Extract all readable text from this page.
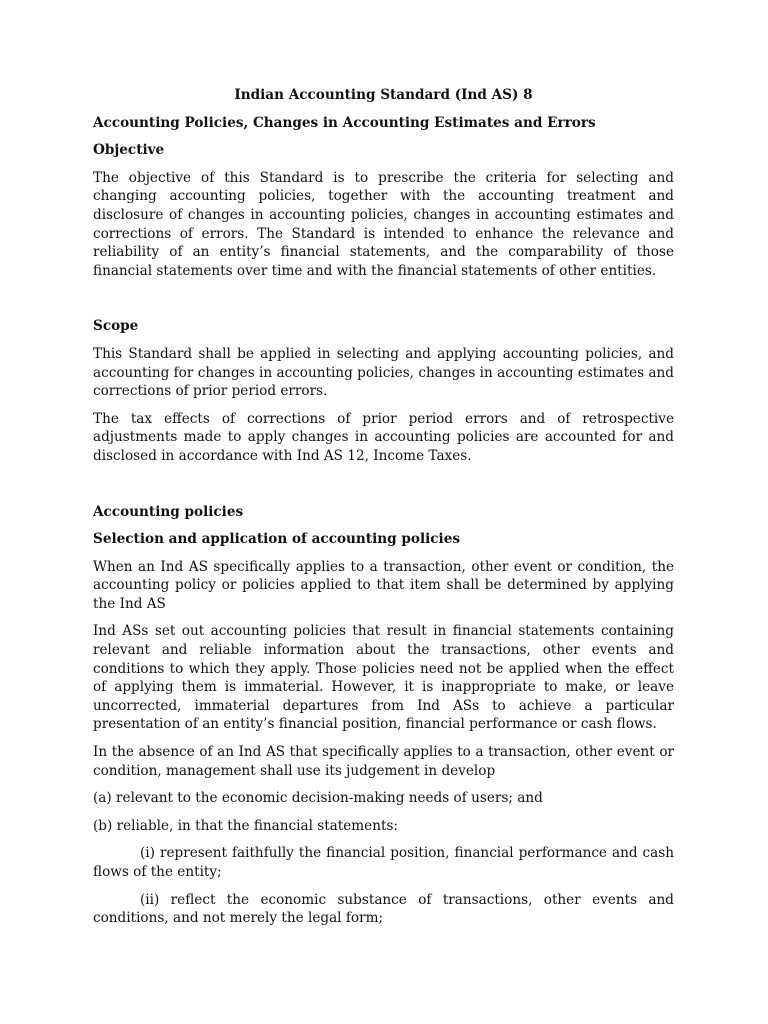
Indian Accounting Standard (Ind AS) 8
Accounting Policies, Changes in Accounting Estimates and Errors
Objective
The objective of this Standard is to prescribe the criteria for selecting and changing accounting policies, together with the accounting treatment and disclosure of changes in accounting policies, changes in accounting estimates and corrections of errors. The Standard is intended to enhance the relevance and reliability of an entity’s financial statements, and the comparability of those financial statements over time and with the financial statements of other entities.
Scope
This Standard shall be applied in selecting and applying accounting policies, and accounting for changes in accounting policies, changes in accounting estimates and corrections of prior period errors.
The tax effects of corrections of prior period errors and of retrospective adjustments made to apply changes in accounting policies are accounted for and disclosed in accordance with Ind AS 12, Income Taxes.
Accounting policies
Selection and application of accounting policies
When an Ind AS specifically applies to a transaction, other event or condition, the accounting policy or policies applied to that item shall be determined by applying the Ind AS
Ind ASs set out accounting policies that result in financial statements containing relevant and reliable information about the transactions, other events and conditions to which they apply. Those policies need not be applied when the effect of applying them is immaterial. However, it is inappropriate to make, or leave uncorrected, immaterial departures from Ind ASs to achieve a particular presentation of an entity’s financial position, financial performance or cash flows.
In the absence of an Ind AS that specifically applies to a transaction, other event or condition, management shall use its judgement in develop
(a) relevant to the economic decision-making needs of users; and
(b) reliable, in that the financial statements:
(i) represent faithfully the financial position, financial performance and cash flows of the entity;
(ii) reflect the economic substance of transactions, other events and conditions, and not merely the legal form;
